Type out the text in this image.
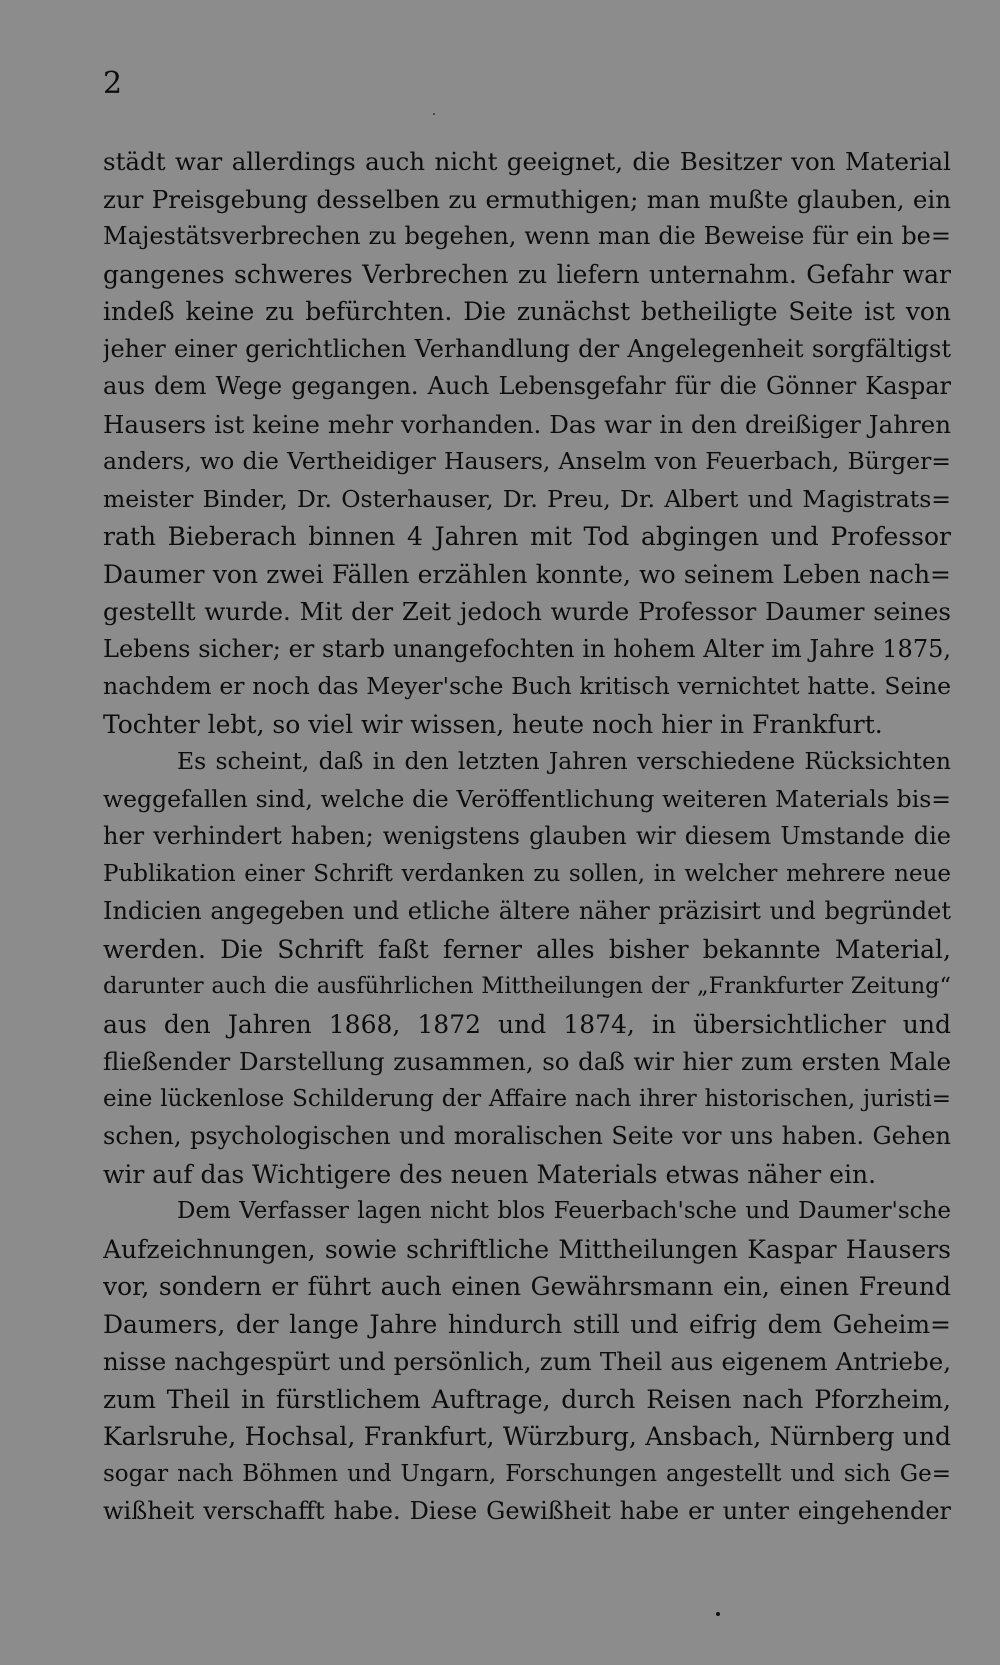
2
städt war allerdings auch nicht geeignet, die Besitzer von Material
zur Preisgebung desselben zu ermuthigen; man mußte glauben, ein
Majestätsverbrechen zu begehen, wenn man die Beweise für ein be=
gangenes schweres Verbrechen zu liefern unternahm. Gefahr war
indeß keine zu befürchten. Die zunächst betheiligte Seite ist von
jeher einer gerichtlichen Verhandlung der Angelegenheit sorgfältigst
aus dem Wege gegangen. Auch Lebensgefahr für die Gönner Kaspar
Hausers ist keine mehr vorhanden. Das war in den dreißiger Jahren
anders, wo die Vertheidiger Hausers, Anselm von Feuerbach, Bürger=
meister Binder, Dr. Osterhauser, Dr. Preu, Dr. Albert und Magistrats=
rath Bieberach binnen 4 Jahren mit Tod abgingen und Professor
Daumer von zwei Fällen erzählen konnte, wo seinem Leben nach=
gestellt wurde. Mit der Zeit jedoch wurde Professor Daumer seines
Lebens sicher; er starb unangefochten in hohem Alter im Jahre 1875,
nachdem er noch das Meyer'sche Buch kritisch vernichtet hatte. Seine
Tochter lebt, so viel wir wissen, heute noch hier in Frankfurt.
Es scheint, daß in den letzten Jahren verschiedene Rücksichten
weggefallen sind, welche die Veröffentlichung weiteren Materials bis=
her verhindert haben; wenigstens glauben wir diesem Umstande die
Publikation einer Schrift verdanken zu sollen, in welcher mehrere neue
Indicien angegeben und etliche ältere näher präzisirt und begründet
werden. Die Schrift faßt ferner alles bisher bekannte Material,
darunter auch die ausführlichen Mittheilungen der „Frankfurter Zeitung“
aus den Jahren 1868, 1872 und 1874, in übersichtlicher und
fließender Darstellung zusammen, so daß wir hier zum ersten Male
eine lückenlose Schilderung der Affaire nach ihrer historischen, juristi=
schen, psychologischen und moralischen Seite vor uns haben. Gehen
wir auf das Wichtigere des neuen Materials etwas näher ein.
Dem Verfasser lagen nicht blos Feuerbach'sche und Daumer'sche
Aufzeichnungen, sowie schriftliche Mittheilungen Kaspar Hausers
vor, sondern er führt auch einen Gewährsmann ein, einen Freund
Daumers, der lange Jahre hindurch still und eifrig dem Geheim=
nisse nachgespürt und persönlich, zum Theil aus eigenem Antriebe,
zum Theil in fürstlichem Auftrage, durch Reisen nach Pforzheim,
Karlsruhe, Hochsal, Frankfurt, Würzburg, Ansbach, Nürnberg und
sogar nach Böhmen und Ungarn, Forschungen angestellt und sich Ge=
wißheit verschafft habe. Diese Gewißheit habe er unter eingehender
